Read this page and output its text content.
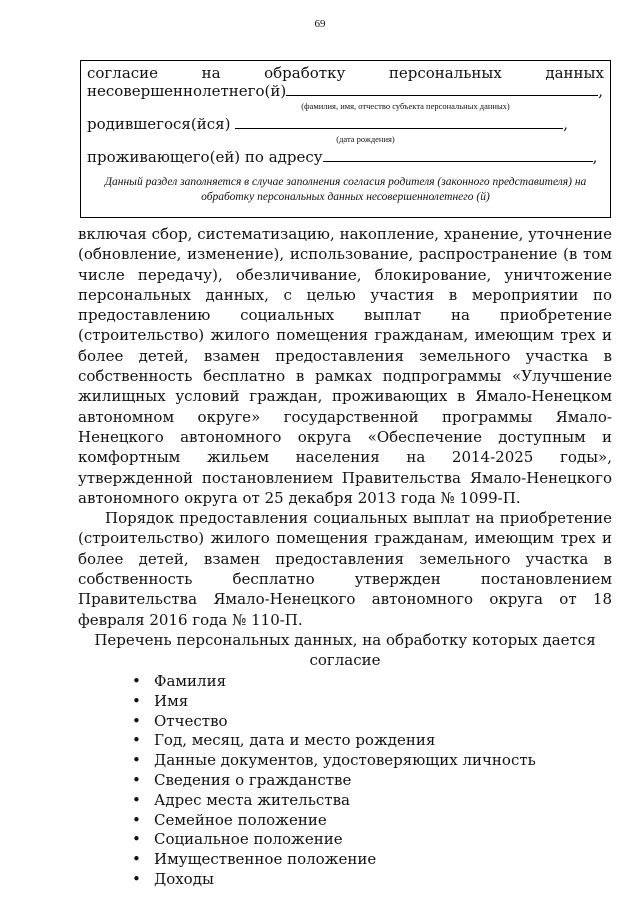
69
согласие	на	обработку	персональных	данных
несовершеннолетнего(й)	,

(фамилия, имя, отчество субъекта персональных данных)

родившегося(йся)	,

(дата рождения)

проживающего(ей) по адресу	,
Данный раздел заполняется в случае заполнения согласия родителя (законного представителя) на обработку персональных данных несовершеннолетнего (й)

включая сбор, систематизацию, накопление, хранение, уточнение (обновление, изменение), использование, распространение (в том числе передачу), обезличивание, блокирование, уничтожение персональных данных, с целью участия в мероприятии по предоставлению социальных выплат на приобретение (строительство) жилого помещения гражданам, имеющим трех и более детей, взамен предоставления земельного участка в собственность бесплатно в рамках подпрограммы «Улучшение жилищных условий граждан, проживающих в Ямало-Ненецком автономном округе» государственной программы Ямало-Ненецкого автономного округа «Обеспечение доступным и комфортным жильем населения на 2014-2025 годы», утвержденной постановлением Правительства Ямало-Ненецкого автономного округа от 25 декабря 2013 года № 1099-П.

Порядок предоставления социальных выплат на приобретение (строительство) жилого помещения гражданам, имеющим трех и более детей, взамен предоставления земельного участка в собственность бесплатно утвержден постановлением Правительства Ямало-Ненецкого автономного округа от 18 февраля 2016 года № 110-П.

Перечень персональных данных, на обработку которых дается согласие

• Фамилия
• Имя
• Отчество
• Год, месяц, дата и место рождения
• Данные документов, удостоверяющих личность
• Сведения о гражданстве
• Адрес места жительства
• Семейное положение
• Социальное положение
• Имущественное положение
• Доходы
